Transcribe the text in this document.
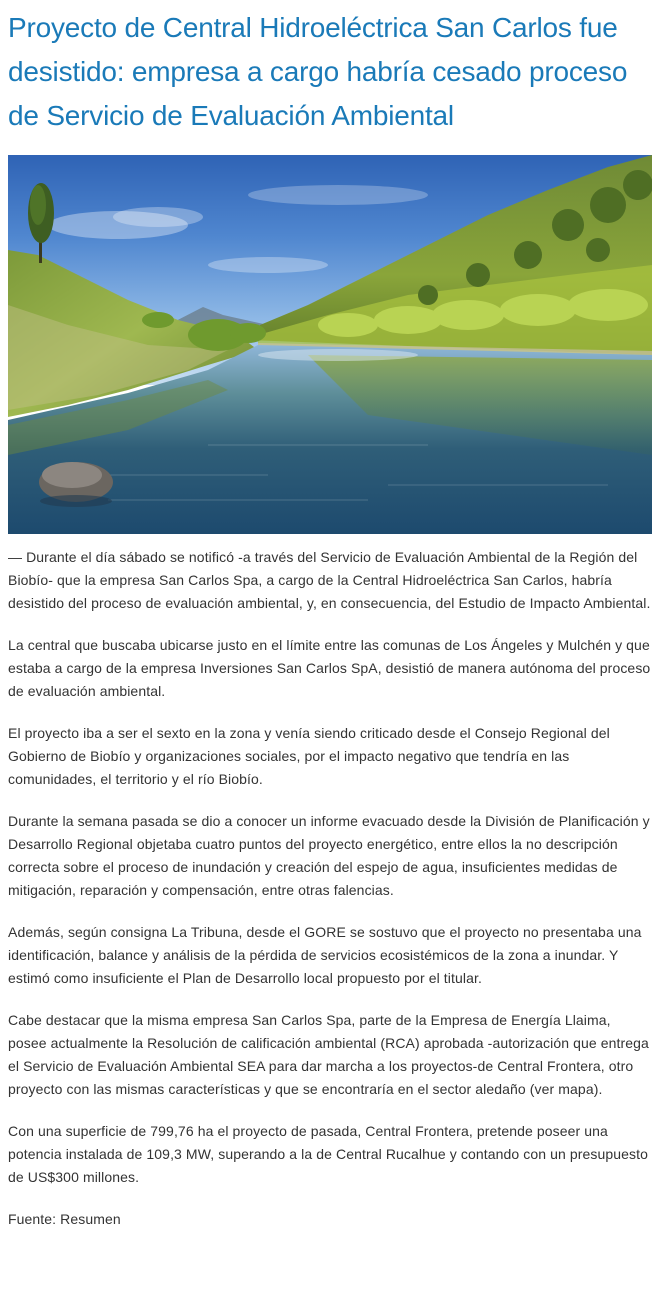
Proyecto de Central Hidroeléctrica San Carlos fue desistido: empresa a cargo habría cesado proceso de Servicio de Evaluación Ambiental

— Durante el día sábado se notificó -a través del Servicio de Evaluación Ambiental de la Región del Biobío- que la empresa San Carlos Spa, a cargo de la Central Hidroeléctrica San Carlos, habría desistido del proceso de evaluación ambiental, y, en consecuencia, del Estudio de Impacto Ambiental.

La central que buscaba ubicarse justo en el límite entre las comunas de Los Ángeles y Mulchén y que estaba a cargo de la empresa Inversiones San Carlos SpA, desistió de manera autónoma del proceso de evaluación ambiental.

El proyecto iba a ser el sexto en la zona y venía siendo criticado desde el Consejo Regional del Gobierno de Biobío y organizaciones sociales, por el impacto negativo que tendría en las comunidades, el territorio y el río Biobío.

Durante la semana pasada se dio a conocer un informe evacuado desde la División de Planificación y Desarrollo Regional objetaba cuatro puntos del proyecto energético, entre ellos la no descripción correcta sobre el proceso de inundación y creación del espejo de agua, insuficientes medidas de mitigación, reparación y compensación, entre otras falencias.

Además, según consigna La Tribuna, desde el GORE se sostuvo que el proyecto no presentaba una identificación, balance y análisis de la pérdida de servicios ecosistémicos de la zona a inundar. Y estimó como insuficiente el Plan de Desarrollo local propuesto por el titular.

Cabe destacar que la misma empresa San Carlos Spa, parte de la Empresa de Energía Llaima, posee actualmente la Resolución de calificación ambiental (RCA) aprobada -autorización que entrega el Servicio de Evaluación Ambiental SEA para dar marcha a los proyectos-de Central Frontera, otro proyecto con las mismas características y que se encontraría en el sector aledaño (ver mapa).

Con una superficie de 799,76 ha el proyecto de pasada, Central Frontera, pretende poseer una potencia instalada de 109,3 MW, superando a la de Central Rucalhue y contando con un presupuesto de US$300 millones.

Fuente: Resumen
